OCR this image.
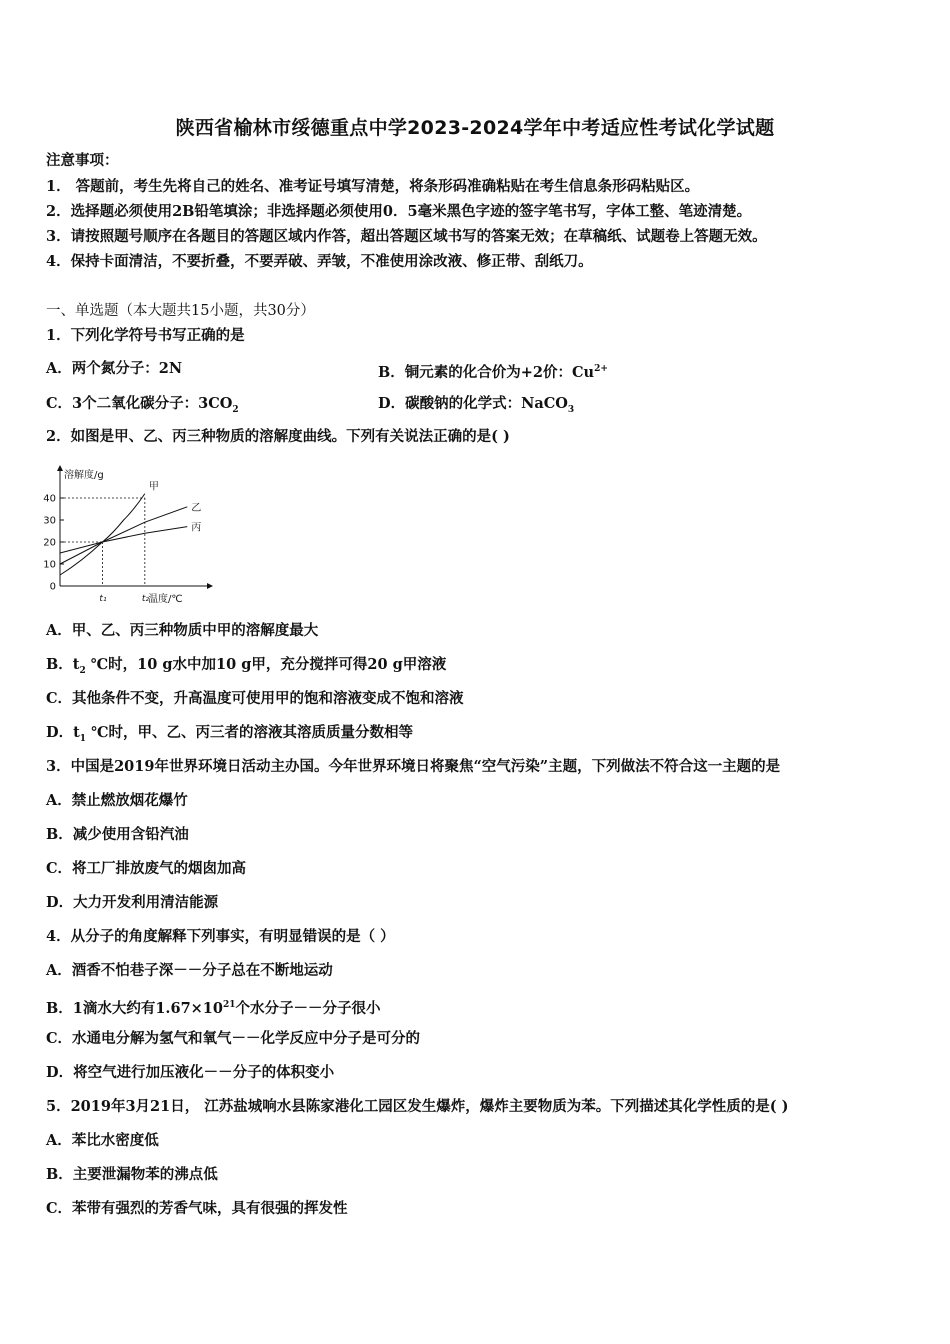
陕西省榆林市绥德重点中学2023-2024学年中考适应性考试化学试题
注意事项：
1． 答题前，考生先将自己的姓名、准考证号填写清楚，将条形码准确粘贴在考生信息条形码粘贴区。
2．选择题必须使用2B铅笔填涂；非选择题必须使用0．5毫米黑色字迹的签字笔书写，字体工整、笔迹清楚。
3．请按照题号顺序在各题目的答题区域内作答，超出答题区域书写的答案无效；在草稿纸、试题卷上答题无效。
4．保持卡面清洁，不要折叠，不要弄破、弄皱，不准使用涂改液、修正带、刮纸刀。
一、单选题（本大题共15小题，共30分）
1．下列化学符号书写正确的是
A．两个氮分子：2N	B．铜元素的化合价为+2价：$Cu^{2+}$
C．3个二氧化碳分子：$3CO_2$	D．碳酸钠的化学式：NaCO$_3$
2．如图是甲、乙、丙三种物质的溶解度曲线。下列有关说法正确的是( )
溶解度/g
温度/℃
0
10
20
30
40
t₁	t₂
甲
乙
丙
A．甲、乙、丙三种物质中甲的溶解度最大
B．$t_2$ ℃时，10 g水中加10 g甲，充分搅拌可得20 g甲溶液
C．其他条件不变，升高温度可使用甲的饱和溶液变成不饱和溶液
D．$t_1$ ℃时，甲、乙、丙三者的溶液其溶质质量分数相等
3．中国是2019年世界环境日活动主办国。今年世界环境日将聚焦“空气污染”主题，下列做法不符合这一主题的是
A．禁止燃放烟花爆竹
B．减少使用含铅汽油
C．将工厂排放废气的烟囱加高
D．大力开发利用清洁能源
4．从分子的角度解释下列事实，有明显错误的是（ ）
A．酒香不怕巷子深－－分子总在不断地运动
B．1滴水大约有$1.67\times 10^{21}$个水分子－－分子很小
C．水通电分解为氢气和氧气－－化学反应中分子是可分的
D．将空气进行加压液化－－分子的体积变小
5．2019年3月21日， 江苏盐城响水县陈家港化工园区发生爆炸，爆炸主要物质为苯。下列描述其化学性质的是( )
A．苯比水密度低
B．主要泄漏物苯的沸点低
C．苯带有强烈的芳香气味，具有很强的挥发性
